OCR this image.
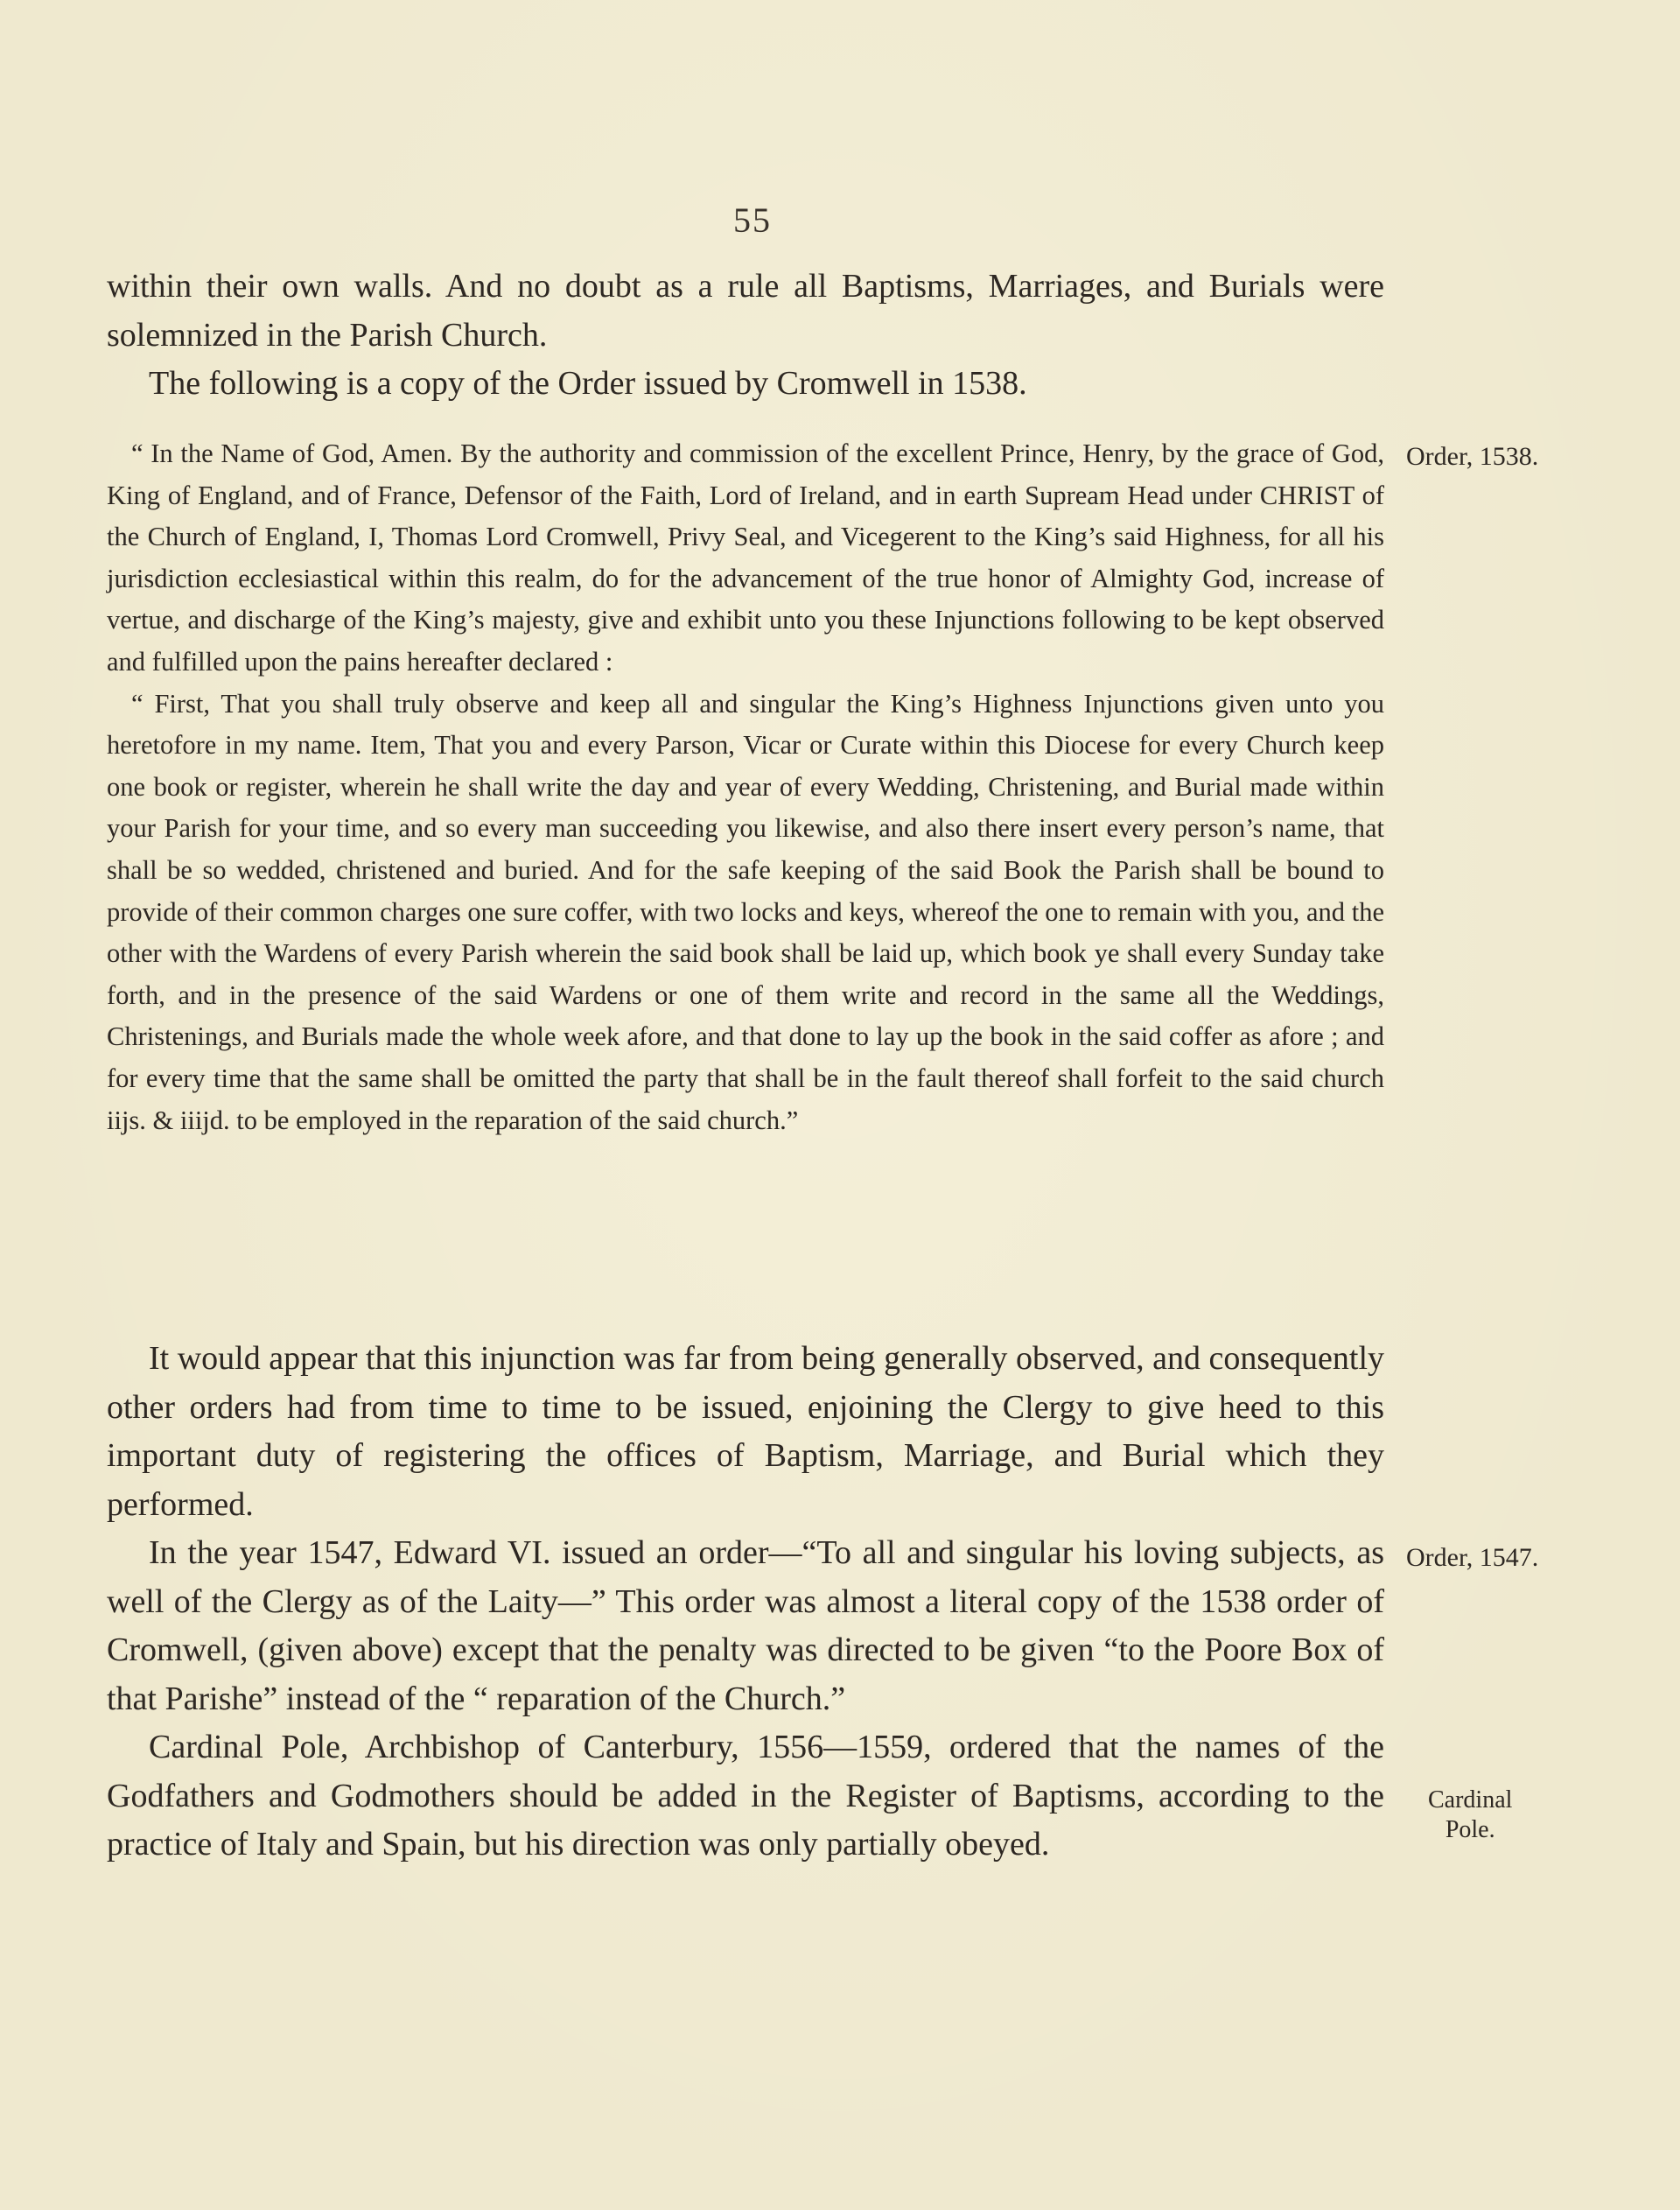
55

within their own walls. And no doubt as a rule all Baptisms, Marriages, and Burials were solemnized in the Parish Church.

The following is a copy of the Order issued by Cromwell in 1538.

“ In the Name of God, Amen. By the authority and commission of the excellent Prince, Henry, by the grace of God, King of England, and of France, Defensor of the Faith, Lord of Ireland, and in earth Supream Head under CHRIST of the Church of England, I, Thomas Lord Cromwell, Privy Seal, and Vicegerent to the King’s said Highness, for all his jurisdiction ecclesiastical within this realm, do for the advancement of the true honor of Almighty God, increase of vertue, and discharge of the King’s majesty, give and exhibit unto you these Injunctions following to be kept observed and fulfilled upon the pains hereafter declared :

“ First, That you shall truly observe and keep all and singular the King’s Highness Injunctions given unto you heretofore in my name. Item, That you and every Parson, Vicar or Curate within this Diocese for every Church keep one book or register, wherein he shall write the day and year of every Wedding, Christening, and Burial made within your Parish for your time, and so every man succeeding you likewise, and also there insert every person’s name, that shall be so wedded, christened and buried. And for the safe keeping of the said Book the Parish shall be bound to provide of their common charges one sure coffer, with two locks and keys, whereof the one to remain with you, and the other with the Wardens of every Parish wherein the said book shall be laid up, which book ye shall every Sunday take forth, and in the presence of the said Wardens or one of them write and record in the same all the Weddings, Christenings, and Burials made the whole week afore, and that done to lay up the book in the said coffer as afore ; and for every time that the same shall be omitted the party that shall be in the fault thereof shall forfeit to the said church iijs. & iiijd. to be employed in the reparation of the said church.”

It would appear that this injunction was far from being generally observed, and consequently other orders had from time to time to be issued, enjoining the Clergy to give heed to this important duty of registering the offices of Baptism, Marriage, and Burial which they performed.

In the year 1547, Edward VI. issued an order—“To all and singular his loving subjects, as well of the Clergy as of the Laity—” This order was almost a literal copy of the 1538 order of Cromwell, (given above) except that the penalty was directed to be given “to the Poore Box of that Parishe” instead of the “ reparation of the Church.”

Cardinal Pole, Archbishop of Canterbury, 1556—1559, ordered that the names of the Godfathers and Godmothers should be added in the Register of Baptisms, according to the practice of Italy and Spain, but his direction was only partially obeyed.

Order, 1538.
Order, 1547.
Cardinal
Pole.
